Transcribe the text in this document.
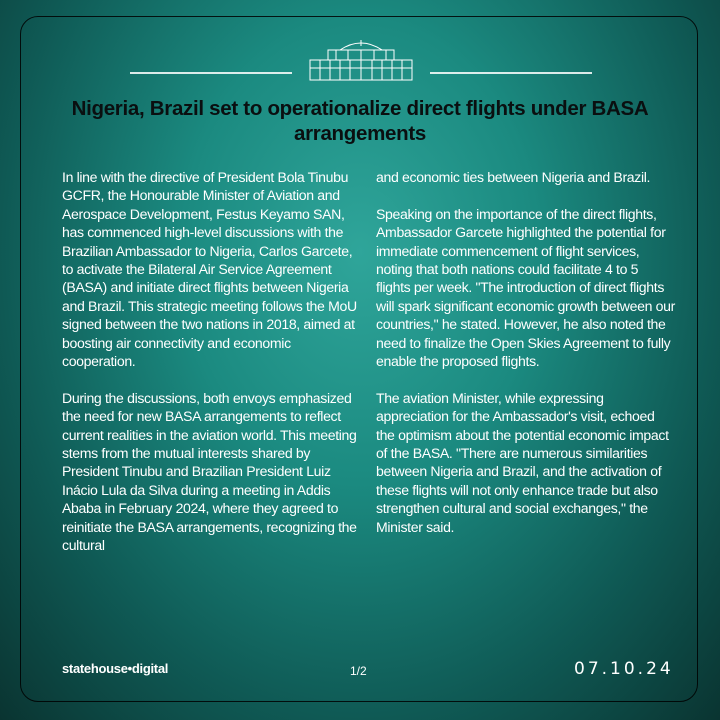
Nigeria, Brazil set to operationalize direct flights under BASA arrangements

In line with the directive of President Bola Tinubu GCFR, the Honourable Minister of Aviation and Aerospace Development, Festus Keyamo SAN, has commenced high-level discussions with the Brazilian Ambassador to Nigeria, Carlos Garcete, to activate the Bilateral Air Service Agreement (BASA) and initiate direct flights between Nigeria and Brazil. This strategic meeting follows the MoU signed between the two nations in 2018, aimed at boosting air connectivity and economic cooperation.

During the discussions, both envoys emphasized the need for new BASA arrangements to reflect current realities in the aviation world. This meeting stems from the mutual interests shared by President Tinubu and Brazilian President Luiz Inácio Lula da Silva during a meeting in Addis Ababa in February 2024, where they agreed to reinitiate the BASA arrangements, recognizing the cultural

and economic ties between Nigeria and Brazil.

Speaking on the importance of the direct flights, Ambassador Garcete highlighted the potential for immediate commencement of flight services, noting that both nations could facilitate 4 to 5 flights per week. "The introduction of direct flights will spark significant economic growth between our countries," he stated. However, he also noted the need to finalize the Open Skies Agreement to fully enable the proposed flights.

The aviation Minister, while expressing appreciation for the Ambassador's visit, echoed the optimism about the potential economic impact of the BASA. "There are numerous similarities between Nigeria and Brazil, and the activation of these flights will not only enhance trade but also strengthen cultural and social exchanges," the Minister said.

statehouse•digital	1/2	07.10.24
